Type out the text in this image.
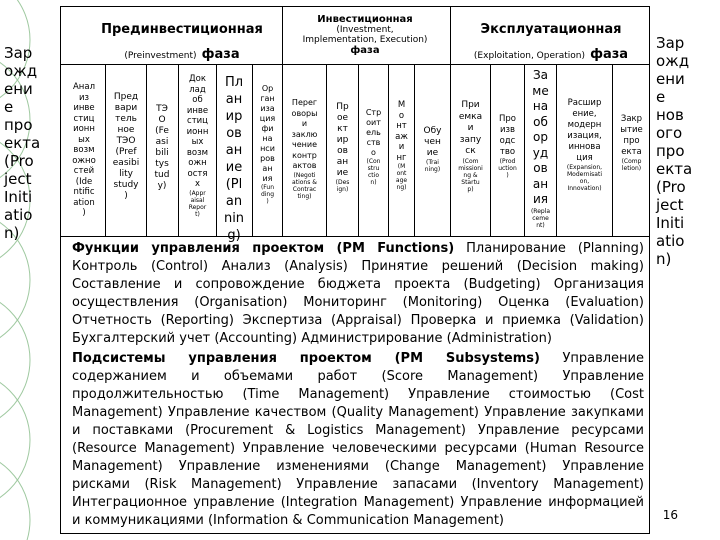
Зар
ожд
ени
е
про
екта
(Pro
ject
Initi
atio
n)
Зар
ожд
ени
е
нов
ого
про
екта
(Pro
ject
Initi
atio
n)
Прединвестиционная
(Preinvestment) фаза
Инвестиционная
(Investment,
Implementation, Execution)
фаза
Эксплуатационная
(Exploitation, Operation) фаза
Анал
из
инве
стиц
ионн
ых
возм
ожно
стей
(Ide
ntific
ation
)
Пред
вари
тель
ное
ТЭО
(Pref
easibi
lity
study
)
ТЭ
О
(Fe
asi
bili
tys
tud
y)
Док
лад
об
инве
стиц
ионн
ых
возм
ожн
остя
х
(Appr
aisal
Repor
t)
Пл
ан
ир
ов
ан
ие
(Pl
an
nin
g)
Ор
ган
иза
ция
фи
на
нси
ров
ан
ия
(Fun
ding
)
Перег
оворы
и
заклю
чение
контр
актов
(Negoti
ations &
Contrac
ting)
Пр
ое
кт
ир
ов
ан
ие
(Des
ign)
Стр
оит
ель
ств
о
(Con
stru
ctio
n)
М
о
нт
аж
и
нг
(M
ont
age
ng)
Обу
чен
ие
(Trai
ning)
При
емка
и
запу
ск
(Com
missioni
ng &
Startu
p)
Про
изв
одс
тво
(Prod
uction
)
За
ме
на
об
ор
уд
ов
ан
ия
(Repla
ceme
nt)
Расшир
ение,
модерн
изация,
иннова
ция
(Expansion,
Modernisati
on,
Innovation)
Закр
ытие
про
екта
(Comp
letion)
Функции управления проектом (PM Functions) Планирование (Planning) Контроль (Control) Анализ (Analysis) Принятие решений (Decision making) Составление и сопровождение бюджета проекта (Budgeting) Организация осуществления (Organisation) Мониторинг (Monitoring) Оценка (Evaluation) Отчетность (Reporting) Экспертиза (Appraisal) Проверка и приемка (Validation) Бухгалтерский учет (Accounting) Администрирование (Administration)
Подсистемы управления проектом (PM Subsystems) Управление содержанием и объемами работ (Score Management) Управление продолжительностью (Time Management) Управление стоимостью (Cost Management) Управление качеством (Quality Management) Управление закупками и поставками (Procurement & Logistics Management) Управление ресурсами (Resource Management) Управление человеческими ресурсами (Human Resource Management) Управление изменениями (Change Management) Управление рисками (Risk Management) Управление запасами (Inventory Management) Интеграционное управление (Integration Management) Управление информацией и коммуникациями (Information & Communication Management)	16
